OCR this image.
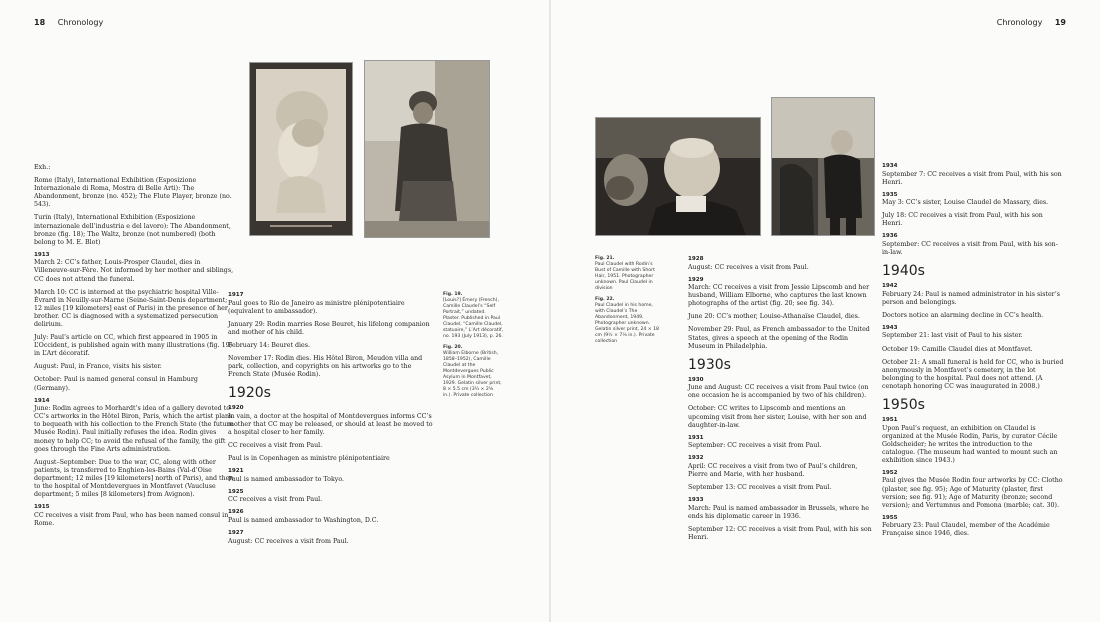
18 Chronology

Exh.:

Rome (Italy), International Exhibition (Esposizione Internazionale di Roma, Mostra di Belle Arti): The Abandonment, bronze (no. 452); The Flute Player, bronze (no. 543).

Turin (Italy), International Exhibition (Esposizione internazionale dell’industria e del lavoro): The Abandonment, bronze (fig. 18); The Waltz, bronze (not numbered) (both belong to M. E. Blot)

1913

March 2: CC’s father, Louis-Prosper Claudel, dies in Villeneuve-sur-Fère. Not informed by her mother and siblings, CC does not attend the funeral.

March 10: CC is interned at the psychiatric hospital Ville-Évrard in Neuilly-sur-Marne (Seine-Saint-Denis department; 12 miles [19 kilometers] east of Paris) in the presence of her brother. CC is diagnosed with a systematized persecution delirium.

July: Paul’s article on CC, which first appeared in 1905 in L’Occident, is published again with many illustrations (fig. 19) in L’Art décoratif.

August: Paul, in France, visits his sister.

October: Paul is named general consul in Hamburg (Germany).

1914

June: Rodin agrees to Morhardt’s idea of a gallery devoted to CC’s artworks in the Hôtel Biron, Paris, which the artist plans to bequeath with his collection to the French State (the future Musée Rodin). Paul initially refuses the idea. Rodin gives money to help CC; to avoid the refusal of the family, the gift goes through the Fine Arts administration.

August–September: Due to the war, CC, along with other patients, is transferred to Enghien-les-Bains (Val-d’Oise department; 12 miles [19 kilometers] north of Paris), and then to the hospital of Montdevergues in Montfavet (Vaucluse department; 5 miles [8 kilometers] from Avignon).

1915

CC receives a visit from Paul, who has been named consul in Rome.

1917

Paul goes to Rio de Janeiro as ministre plénipotentiaire (equivalent to ambassador).

January 29: Rodin marries Rose Beuret, his lifelong companion and mother of his child.

February 14: Beuret dies.

November 17: Rodin dies. His Hôtel Biron, Meudon villa and park, collection, and copyrights on his artworks go to the French State (Musée Rodin).

1920s
1920

In vain, a doctor at the hospital of Montdevergues informs CC’s mother that CC may be released, or should at least be moved to a hospital closer to her family.

CC receives a visit from Paul.

Paul is in Copenhagen as ministre plénipotentiaire

1921

Paul is named ambassador to Tokyo.

1925

CC receives a visit from Paul.

1926

Paul is named ambassador to Washington, D.C.

1927

August: CC receives a visit from Paul.

Fig. 19.
[Louis?] Émery (French), Camille Claudel’s “Self Portrait,” undated. Plaster. Published in Paul Claudel, “Camille Claudel, statuaire,” L’Art décoratif, no. 193 (July 1913), p. 26.

Fig. 20.
William Elborne (British, 1858–1952), Camille Claudel at the Montdevergues Public Asylum in Montfavet, 1929. Gelatin silver print, 8 × 5.5 cm (3¼ × 2⅛ in.). Private collection

Chronology 19

Fig. 21.
Paul Claudel with Rodin’s Bust of Camille with Short Hair, 1951. Photographer unknown. Paul Claudel in division

Fig. 22.
Paul Claudel in his home, with Claudel’s The Abandonment, 1949. Photographer unknown. Gelatin silver print, 24 × 18 cm (9½ × 7⅛ in.). Private collection

1928

August: CC receives a visit from Paul.

1929

March: CC receives a visit from Jessie Lipscomb and her husband, William Elborne, who captures the last known photographs of the artist (fig. 20; see fig. 34).

June 20: CC’s mother, Louise-Athanaïse Claudel, dies.

November 29: Paul, as French ambassador to the United States, gives a speech at the opening of the Rodin Museum in Philadelphia.

1930s
1930

June and August: CC receives a visit from Paul twice (on one occasion he is accompanied by two of his children).

October: CC writes to Lipscomb and mentions an upcoming visit from her sister, Louise, with her son and daughter-in-law.

1931

September: CC receives a visit from Paul.

1932

April: CC receives a visit from two of Paul’s children, Pierre and Marie, with her husband.

September 13: CC receives a visit from Paul.

1933

March: Paul is named ambassador in Brussels, where he ends his diplomatic career in 1936.

September 12: CC receives a visit from Paul, with his son Henri.

1934

September 7: CC receives a visit from Paul, with his son Henri.

1935

May 3: CC’s sister, Louise Claudel de Massary, dies.

July 18: CC receives a visit from Paul, with his son Henri.

1936

September: CC receives a visit from Paul, with his son-in-law.

1940s
1942

February 24: Paul is named administrator in his sister’s person and belongings.

Doctors notice an alarming decline in CC’s health.

1943

September 21: last visit of Paul to his sister.

October 19: Camille Claudel dies at Montfavet.

October 21: A small funeral is held for CC, who is buried anonymously in Montfavet’s cemetery, in the lot belonging to the hospital. Paul does not attend. (A cenotaph honoring CC was inaugurated in 2008.)

1950s
1951

Upon Paul’s request, an exhibition on Claudel is organized at the Musée Rodin, Paris, by curator Cécile Goldscheider; he writes the introduction to the catalogue. (The museum had wanted to mount such an exhibition since 1943.)

1952

Paul gives the Musée Rodin four artworks by CC: Clotho (plaster, see fig. 95); Age of Maturity (plaster, first version; see fig. 91); Age of Maturity (bronze; second version); and Vertumnus and Pomona (marble; cat. 30).

1955

February 23: Paul Claudel, member of the Académie Française since 1946, dies.
